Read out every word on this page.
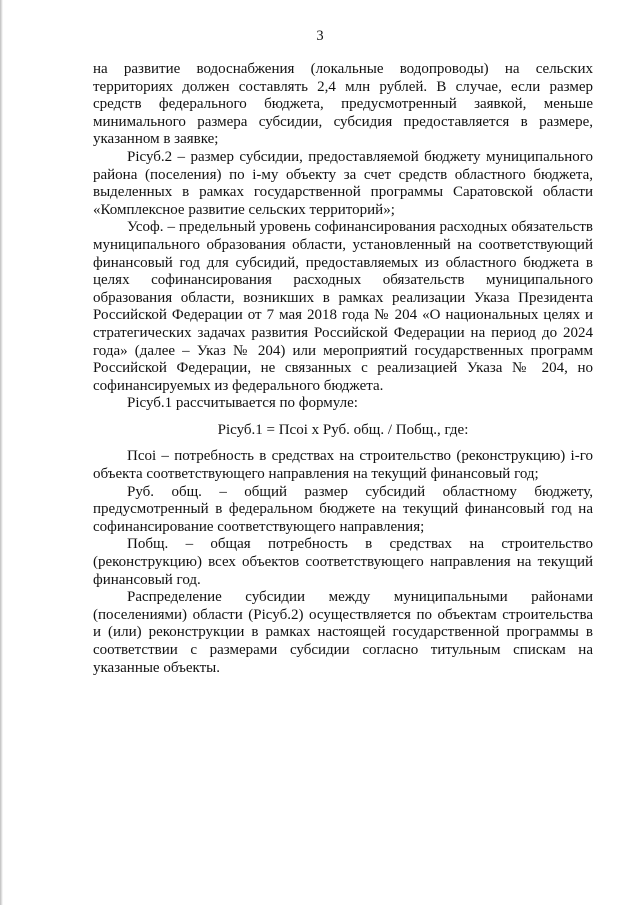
3

на развитие водоснабжения (локальные водопроводы) на сельских территориях должен составлять 2,4 млн рублей. В случае, если размер средств федерального бюджета, предусмотренный заявкой, меньше минимального размера субсидии, субсидия предоставляется в размере, указанном в заявке;

Рiсуб.2 – размер субсидии, предоставляемой бюджету муниципального района (поселения) по i-му объекту за счет средств областного бюджета, выделенных в рамках государственной программы Саратовской области «Комплексное развитие сельских территорий»;

Усоф. – предельный уровень софинансирования расходных обязательств муниципального образования области, установленный на соответствующий финансовый год для субсидий, предоставляемых из областного бюджета в целях софинансирования расходных обязательств муниципального образования области, возникших в рамках реализации Указа Президента Российской Федерации от 7 мая 2018 года № 204 «О национальных целях и стратегических задачах развития Российской Федерации на период до 2024 года» (далее – Указ № 204) или мероприятий государственных программ Российской Федерации, не связанных с реализацией Указа № 204, но софинансируемых из федерального бюджета.

Рiсуб.1 рассчитывается по формуле:

Рiсуб.1 = Пcoi x Руб. общ. / Побщ., где:

Пcoi – потребность в средствах на строительство (реконструкцию) i-го объекта соответствующего направления на текущий финансовый год;

Руб. общ. – общий размер субсидий областному бюджету, предусмотренный в федеральном бюджете на текущий финансовый год на софинансирование соответствующего направления;

Побщ. – общая потребность в средствах на строительство (реконструкцию) всех объектов соответствующего направления на текущий финансовый год.

Распределение субсидии между муниципальными районами (поселениями) области (Рiсуб.2) осуществляется по объектам строительства и (или) реконструкции в рамках настоящей государственной программы в соответствии с размерами субсидии согласно титульным спискам на указанные объекты.
